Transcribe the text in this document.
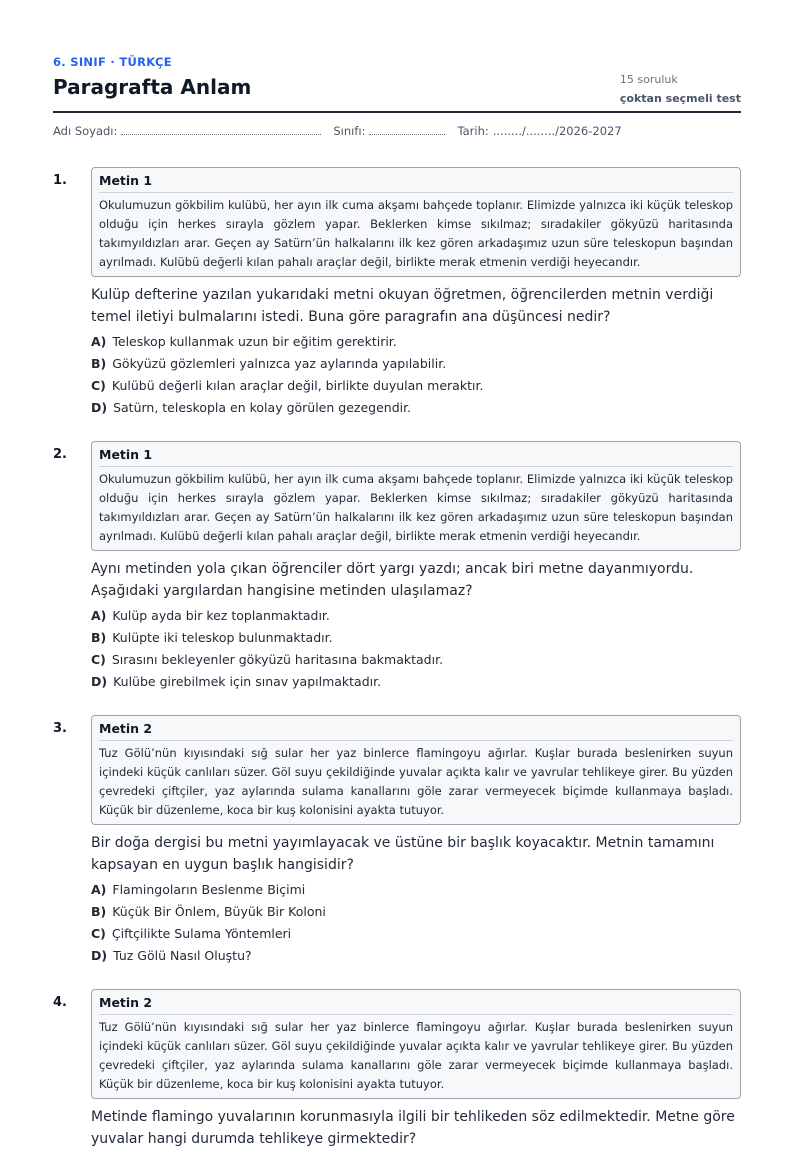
6. SINIF · TÜRKÇE
Paragrafta Anlam	15 soruluk
çoktan seçmeli test
Adı Soyadı:	Sınıfı:	Tarih: ......../......../2026-2027
1.	Metin 1
Okulumuzun gökbilim kulübü, her ayın ilk cuma akşamı bahçede toplanır. Elimizde yalnızca iki küçük teleskop olduğu için herkes sırayla gözlem yapar. Beklerken kimse sıkılmaz; sıradakiler gökyüzü haritasında takımyıldızları arar. Geçen ay Satürn’ün halkalarını ilk kez gören arkadaşımız uzun süre teleskopun başından ayrılmadı. Kulübü değerli kılan pahalı araçlar değil, birlikte merak etmenin verdiği heyecandır.
Kulüp defterine yazılan yukarıdaki metni okuyan öğretmen, öğrencilerden metnin verdiği temel iletiyi bulmalarını istedi. Buna göre paragrafın ana düşüncesi nedir?
A) Teleskop kullanmak uzun bir eğitim gerektirir.
B) Gökyüzü gözlemleri yalnızca yaz aylarında yapılabilir.
C) Kulübü değerli kılan araçlar değil, birlikte duyulan meraktır.
D) Satürn, teleskopla en kolay görülen gezegendir.
2.	Metin 1
Okulumuzun gökbilim kulübü, her ayın ilk cuma akşamı bahçede toplanır. Elimizde yalnızca iki küçük teleskop olduğu için herkes sırayla gözlem yapar. Beklerken kimse sıkılmaz; sıradakiler gökyüzü haritasında takımyıldızları arar. Geçen ay Satürn’ün halkalarını ilk kez gören arkadaşımız uzun süre teleskopun başından ayrılmadı. Kulübü değerli kılan pahalı araçlar değil, birlikte merak etmenin verdiği heyecandır.
Aynı metinden yola çıkan öğrenciler dört yargı yazdı; ancak biri metne dayanmıyordu. Aşağıdaki yargılardan hangisine metinden ulaşılamaz?
A) Kulüp ayda bir kez toplanmaktadır.
B) Kulüpte iki teleskop bulunmaktadır.
C) Sırasını bekleyenler gökyüzü haritasına bakmaktadır.
D) Kulübe girebilmek için sınav yapılmaktadır.
3.	Metin 2
Tuz Gölü’nün kıyısındaki sığ sular her yaz binlerce flamingoyu ağırlar. Kuşlar burada beslenirken suyun içindeki küçük canlıları süzer. Göl suyu çekildiğinde yuvalar açıkta kalır ve yavrular tehlikeye girer. Bu yüzden çevredeki çiftçiler, yaz aylarında sulama kanallarını göle zarar vermeyecek biçimde kullanmaya başladı. Küçük bir düzenleme, koca bir kuş kolonisini ayakta tutuyor.
Bir doğa dergisi bu metni yayımlayacak ve üstüne bir başlık koyacaktır. Metnin tamamını kapsayan en uygun başlık hangisidir?
A) Flamingoların Beslenme Biçimi
B) Küçük Bir Önlem, Büyük Bir Koloni
C) Çiftçilikte Sulama Yöntemleri
D) Tuz Gölü Nasıl Oluştu?
4.	Metin 2
Tuz Gölü’nün kıyısındaki sığ sular her yaz binlerce flamingoyu ağırlar. Kuşlar burada beslenirken suyun içindeki küçük canlıları süzer. Göl suyu çekildiğinde yuvalar açıkta kalır ve yavrular tehlikeye girer. Bu yüzden çevredeki çiftçiler, yaz aylarında sulama kanallarını göle zarar vermeyecek biçimde kullanmaya başladı. Küçük bir düzenleme, koca bir kuş kolonisini ayakta tutuyor.
Metinde flamingo yuvalarının korunmasıyla ilgili bir tehlikeden söz edilmektedir. Metne göre yuvalar hangi durumda tehlikeye girmektedir?
